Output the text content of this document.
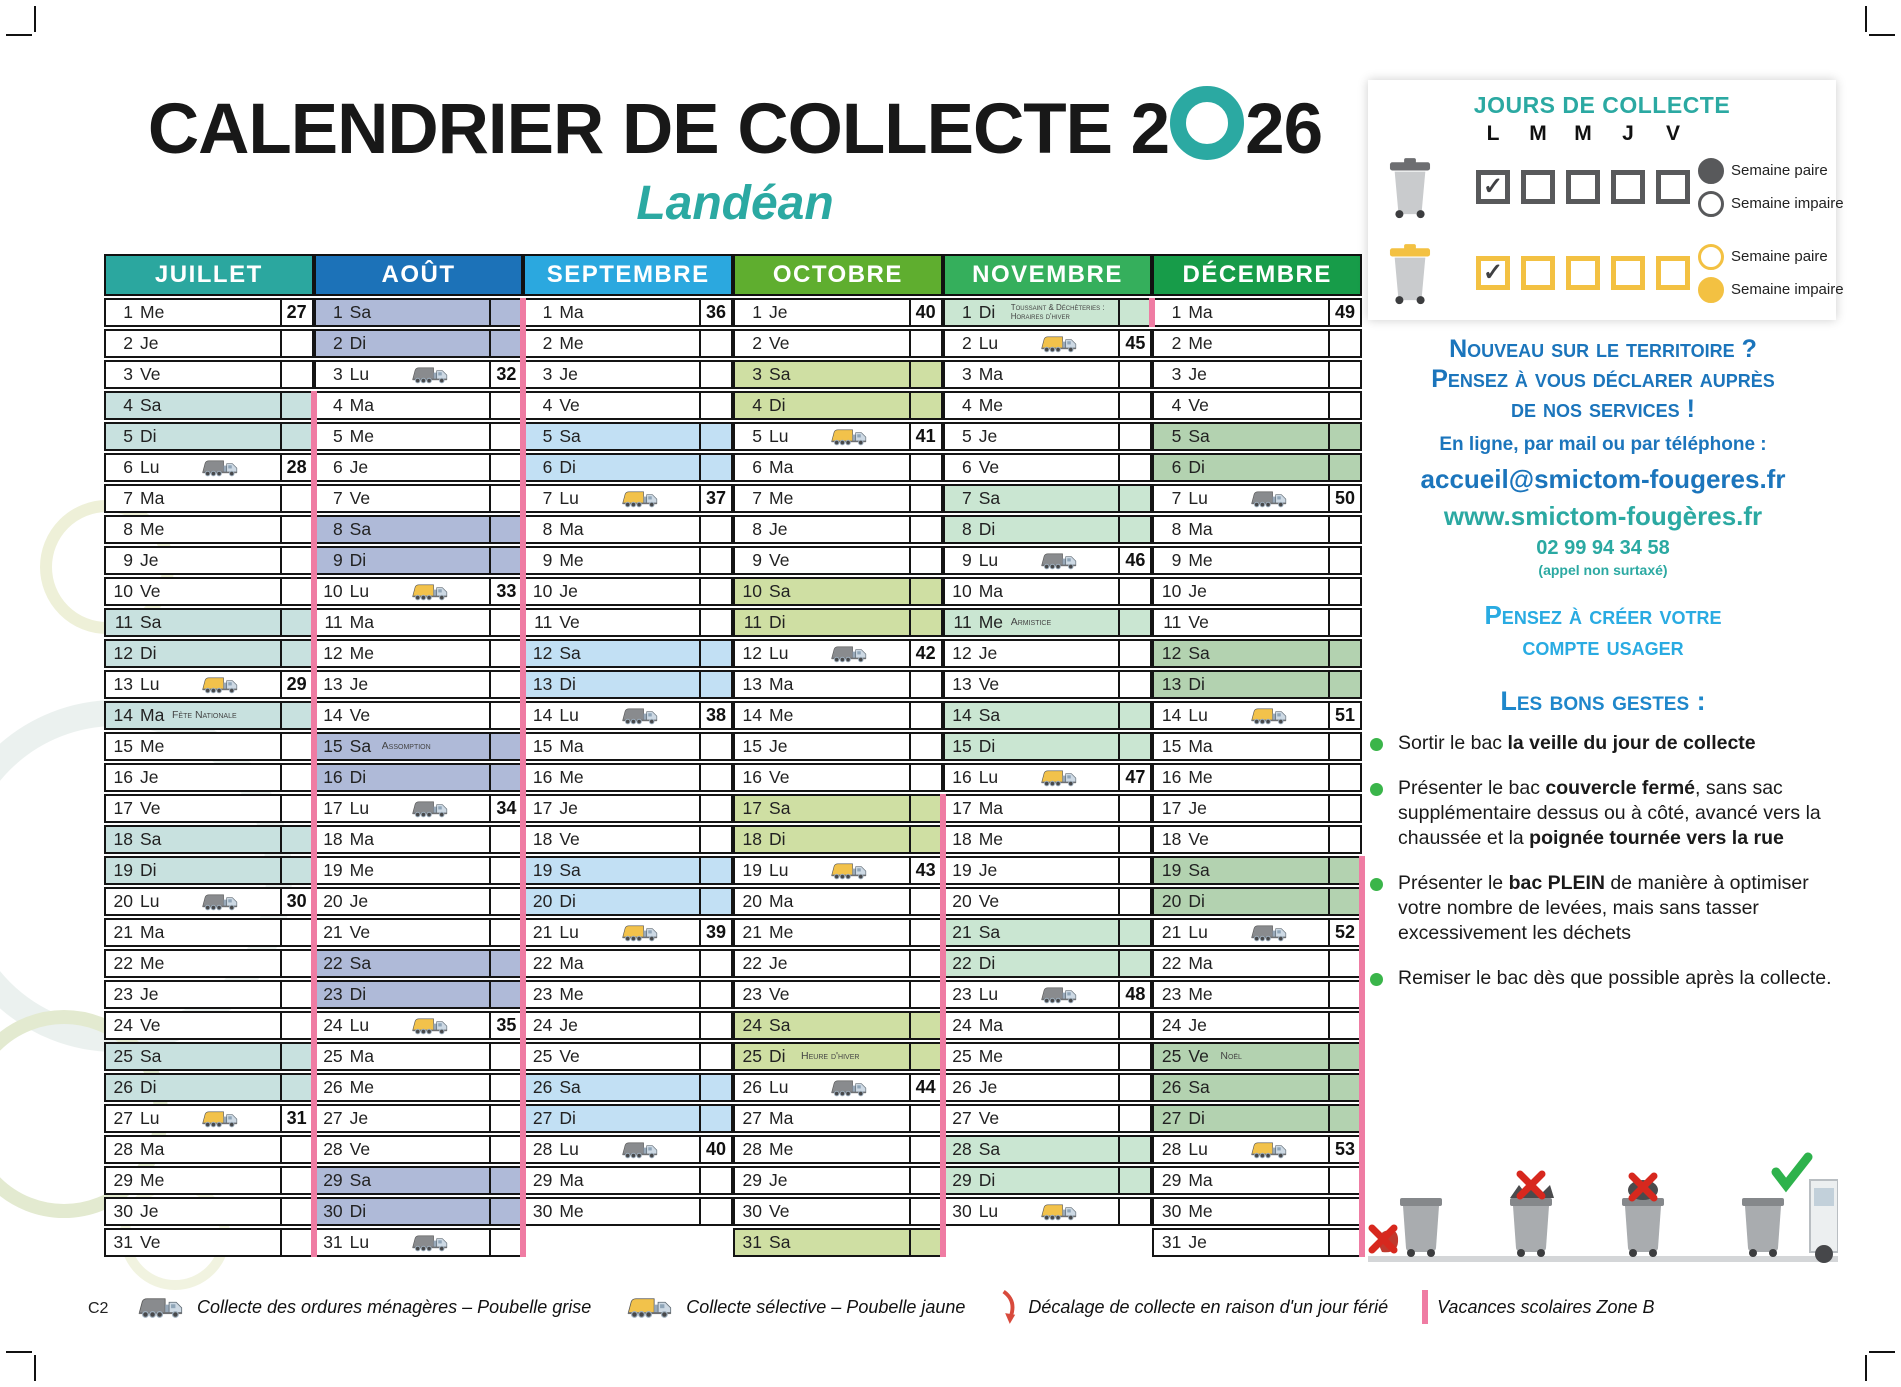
CALENDRIER DE COLLECTE 2 26
Landéan
JOURS DE COLLECTE
L	M	M	J	V
✓
Semaine paire
Semaine impaire
✓
Semaine paire
Semaine impaire
JUILLET
1 Me	27
2 Je
3 Ve
4 Sa
5 Di
6 Lu	28
7 Ma
8 Me
9 Je
10 Ve
11 Sa
12 Di
13 Lu	29
14 Ma Fête Nationale
15 Me
16 Je
17 Ve
18 Sa
19 Di
20 Lu	30
21 Ma
22 Me
23 Je
24 Ve
25 Sa
26 Di
27 Lu	31
28 Ma
29 Me
30 Je
31 Ve
AOÛT
1 Sa
2 Di
3 Lu	32
4 Ma
5 Me
6 Je
7 Ve
8 Sa
9 Di
10 Lu	33
11 Ma
12 Me
13 Je
14 Ve
15 Sa	Assomption
16 Di
17 Lu	34
18 Ma
19 Me
20 Je
21 Ve
22 Sa
23 Di
24 Lu	35
25 Ma
26 Me
27 Je
28 Ve
29 Sa
30 Di
31 Lu
SEPTEMBRE
1 Ma	36
2 Me
3 Je
4 Ve
5 Sa
6 Di
7 Lu	37
8 Ma
9 Me
10 Je
11 Ve
12 Sa
13 Di
14 Lu	38
15 Ma
16 Me
17 Je
18 Ve
19 Sa
20 Di
21 Lu	39
22 Ma
23 Me
24 Je
25 Ve
26 Sa
27 Di
28 Lu	40
29 Ma
30 Me
OCTOBRE
1 Je	40
2 Ve
3 Sa
4 Di
5 Lu	41
6 Ma
7 Me
8 Je
9 Ve
10 Sa
11 Di
12 Lu	42
13 Ma
14 Me
15 Je
16 Ve
17 Sa
18 Di
19 Lu	43
20 Ma
21 Me
22 Je
23 Ve
24 Sa
25 Di	Heure d'hiver
26 Lu	44
27 Ma
28 Me
29 Je
30 Ve
31 Sa
NOVEMBRE
1 Di	Toussaint & Déchèteries : Horaires d'hiver
2 Lu	45
3 Ma
4 Me
5 Je
6 Ve
7 Sa
8 Di
9 Lu	46
10 Ma
11 Me Armistice
12 Je
13 Ve
14 Sa
15 Di
16 Lu	47
17 Ma
18 Me
19 Je
20 Ve
21 Sa
22 Di
23 Lu	48
24 Ma
25 Me
26 Je
27 Ve
28 Sa
29 Di
30 Lu
DÉCEMBRE
1 Ma	49
2 Me
3 Je
4 Ve
5 Sa
6 Di
7 Lu	50
8 Ma
9 Me
10 Je
11 Ve
12 Sa
13 Di
14 Lu	51
15 Ma
16 Me
17 Je
18 Ve
19 Sa
20 Di
21 Lu	52
22 Ma
23 Me
24 Je
25 Ve	Noël
26 Sa
27 Di
28 Lu	53
29 Ma
30 Me
31 Je
Nouveau sur le territoire ?
Pensez à vous déclarer auprès
de nos services !

En ligne, par mail ou par téléphone :

accueil@smictom-fougeres.fr

www.smictom-fougères.fr

02 99 94 34 58

(appel non surtaxé)

Pensez à créer votre
compte usager
Les bons gestes :
Sortir le bac la veille du jour de collecte
Présenter le bac couvercle fermé, sans sac supplémentaire dessus ou à côté, avancé vers la chaussée et la poignée tournée vers la rue
Présenter le bac PLEIN de manière à optimiser votre nombre de levées, mais sans tasser excessivement les déchets
Remiser le bac dès que possible après la collecte.
C2	Collecte des ordures ménagères – Poubelle grise	Collecte sélective – Poubelle jaune	Décalage de collecte en raison d'un jour férié	Vacances scolaires Zone B
